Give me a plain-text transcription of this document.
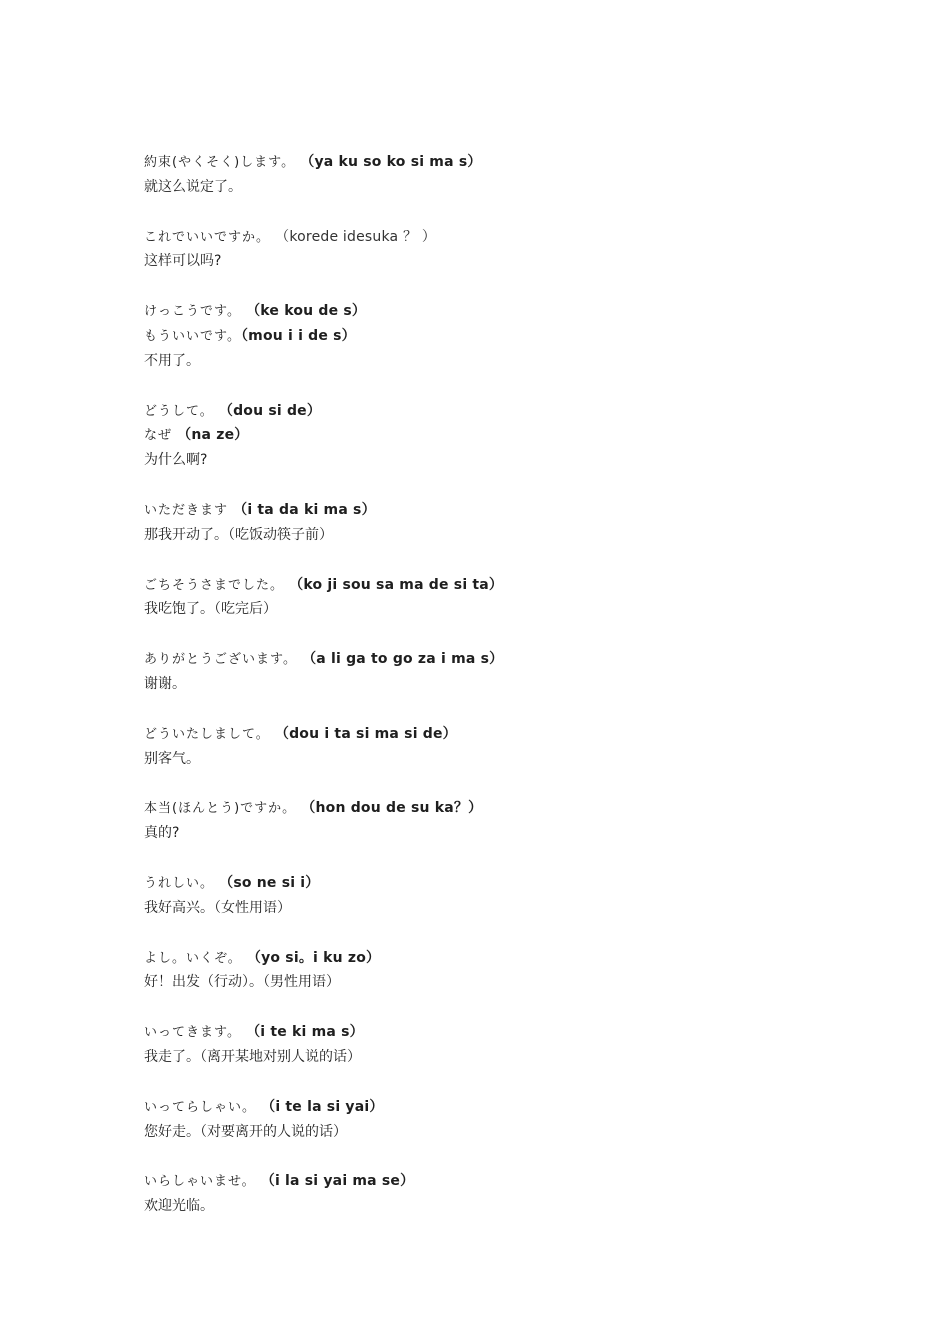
約束(やくそく)します。 （ya ku so ko si ma s）
就这么说定了。
これでいいですか。 （korede idesuka ？ ）
这样可以吗?
けっこうです。 （ke kou de s）
もういいです。（mou i i de s）
不用了。
どうして。 （dou si de）
なぜ （na ze）
为什么啊?
いただきます （i ta da ki ma s）
那我开动了。（吃饭动筷子前）
ごちそうさまでした。 （ko ji sou sa ma de si ta）
我吃饱了。（吃完后）
ありがとうございます。 （a li ga to go za i ma s）
谢谢。
どういたしまして。 （dou i ta si ma si de）
别客气。
本当(ほんとう)ですか。 （hon dou de su ka？）
真的?
うれしい。 （so ne si i）
我好高兴。（女性用语）
よし。いくぞ。 （yo si。i ku zo）
好！出发（行动）。（男性用语）
いってきます。 （i te ki ma s）
我走了。（离开某地对别人说的话）
いってらしゃい。 （i te la si yai）
您好走。（对要离开的人说的话）
いらしゃいませ。 （i la si yai ma se）
欢迎光临。
